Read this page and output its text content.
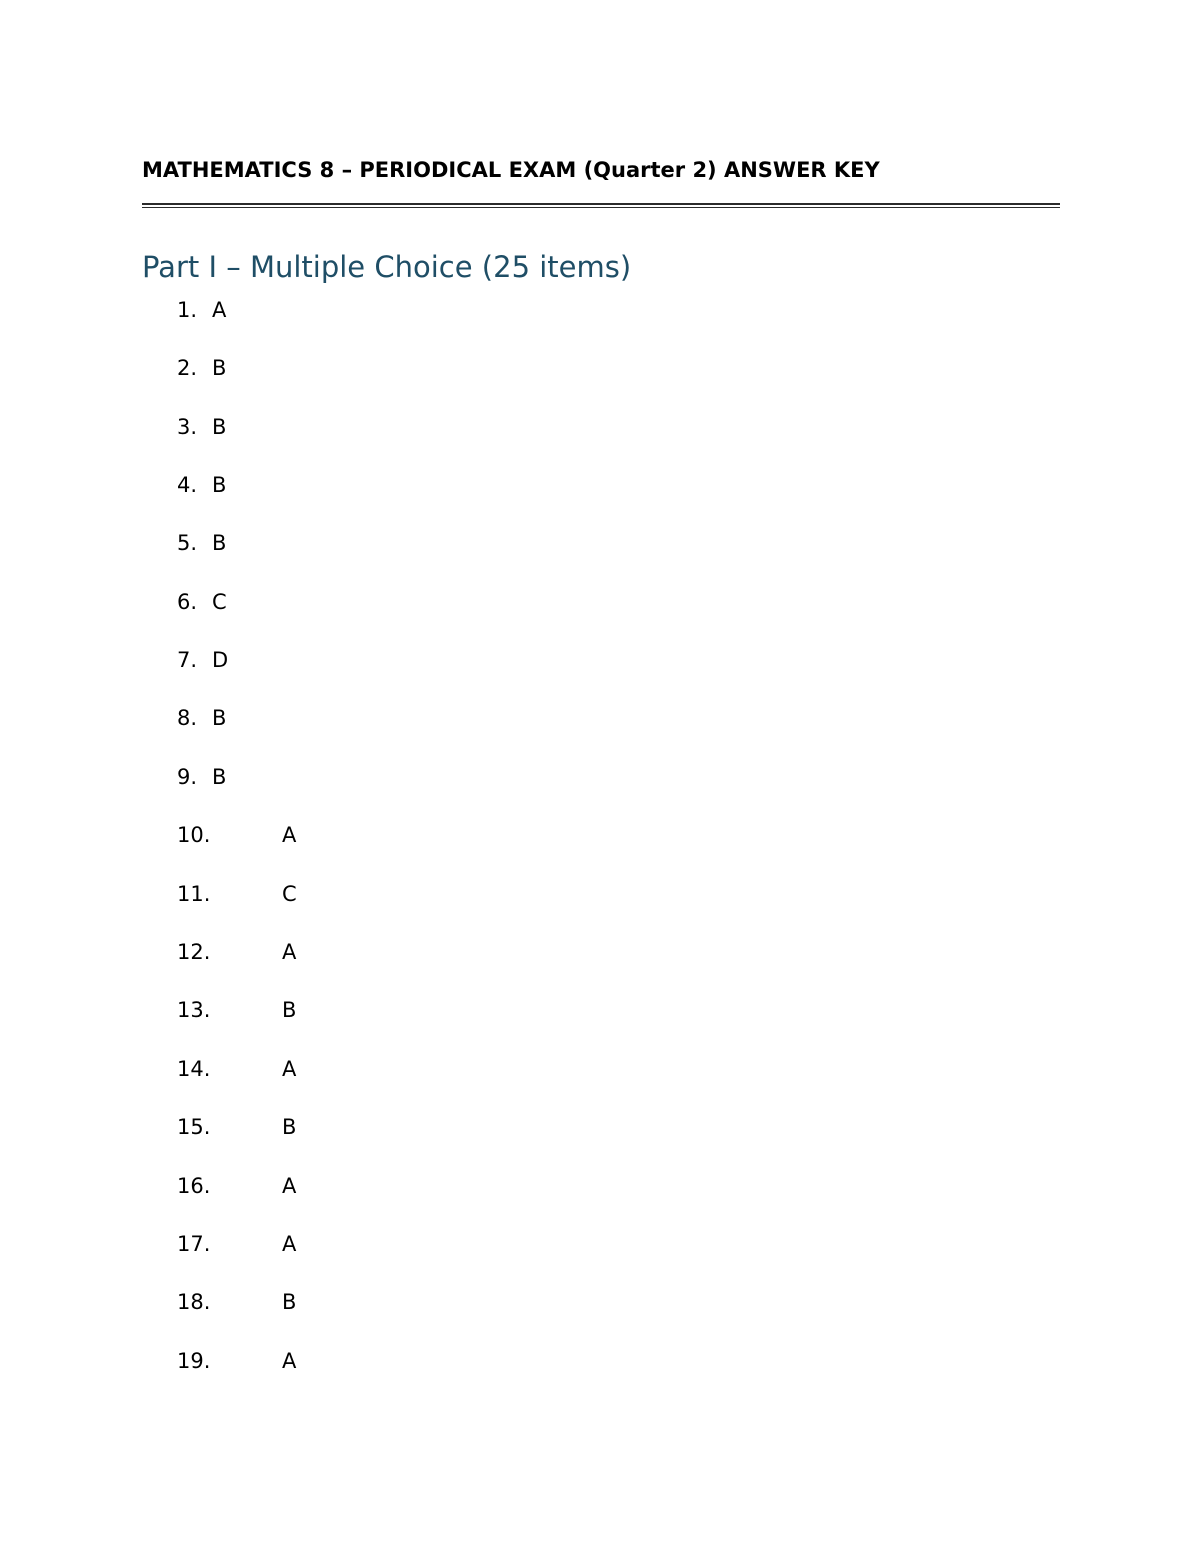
MATHEMATICS 8 – PERIODICAL EXAM (Quarter 2) ANSWER KEY
Part I – Multiple Choice (25 items)
1. A
2. B
3. B
4. B
5. B
6. C
7. D
8. B
9. B
10.	A
11.	C
12.	A
13.	B
14.	A
15.	B
16.	A
17.	A
18.	B
19.	A
